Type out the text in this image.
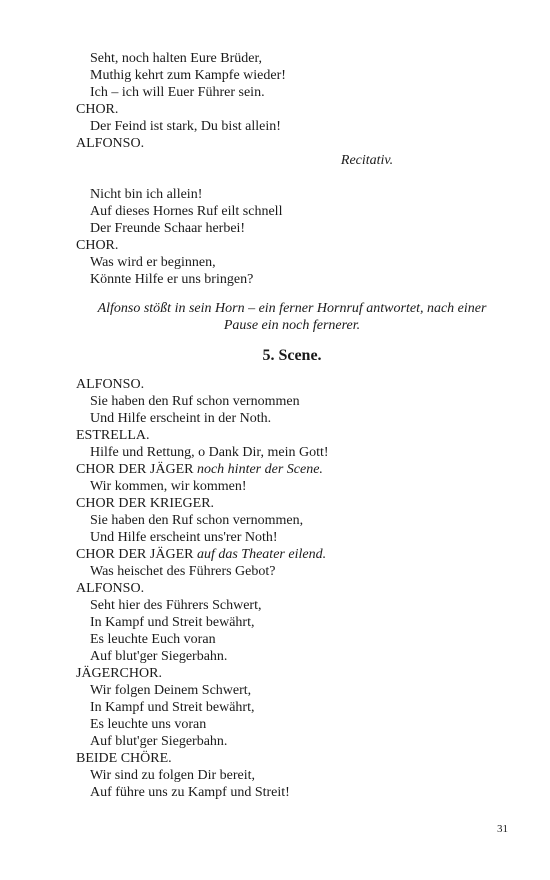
Seht, noch halten Eure Brüder,
Muthig kehrt zum Kampfe wieder!
Ich – ich will Euer Führer sein.
CHOR.
Der Feind ist stark, Du bist allein!
ALFONSO.
Recitativ.
Nicht bin ich allein!
Auf dieses Hornes Ruf eilt schnell
Der Freunde Schaar herbei!
CHOR.
Was wird er beginnen,
Könnte Hilfe er uns bringen?
Alfonso stößt in sein Horn – ein ferner Hornruf antwortet, nach einer
Pause ein noch fernerer.
5. Scene.
ALFONSO.
Sie haben den Ruf schon vernommen
Und Hilfe erscheint in der Noth.
ESTRELLA.
Hilfe und Rettung, o Dank Dir, mein Gott!
CHOR DER JÄGER noch hinter der Scene.
Wir kommen, wir kommen!
CHOR DER KRIEGER.
Sie haben den Ruf schon vernommen,
Und Hilfe erscheint uns'rer Noth!
CHOR DER JÄGER auf das Theater eilend.
Was heischet des Führers Gebot?
ALFONSO.
Seht hier des Führers Schwert,
In Kampf und Streit bewährt,
Es leuchte Euch voran
Auf blut'ger Siegerbahn.
JÄGERCHOR.
Wir folgen Deinem Schwert,
In Kampf und Streit bewährt,
Es leuchte uns voran
Auf blut'ger Siegerbahn.
BEIDE CHÖRE.
Wir sind zu folgen Dir bereit,
Auf führe uns zu Kampf und Streit!
31
